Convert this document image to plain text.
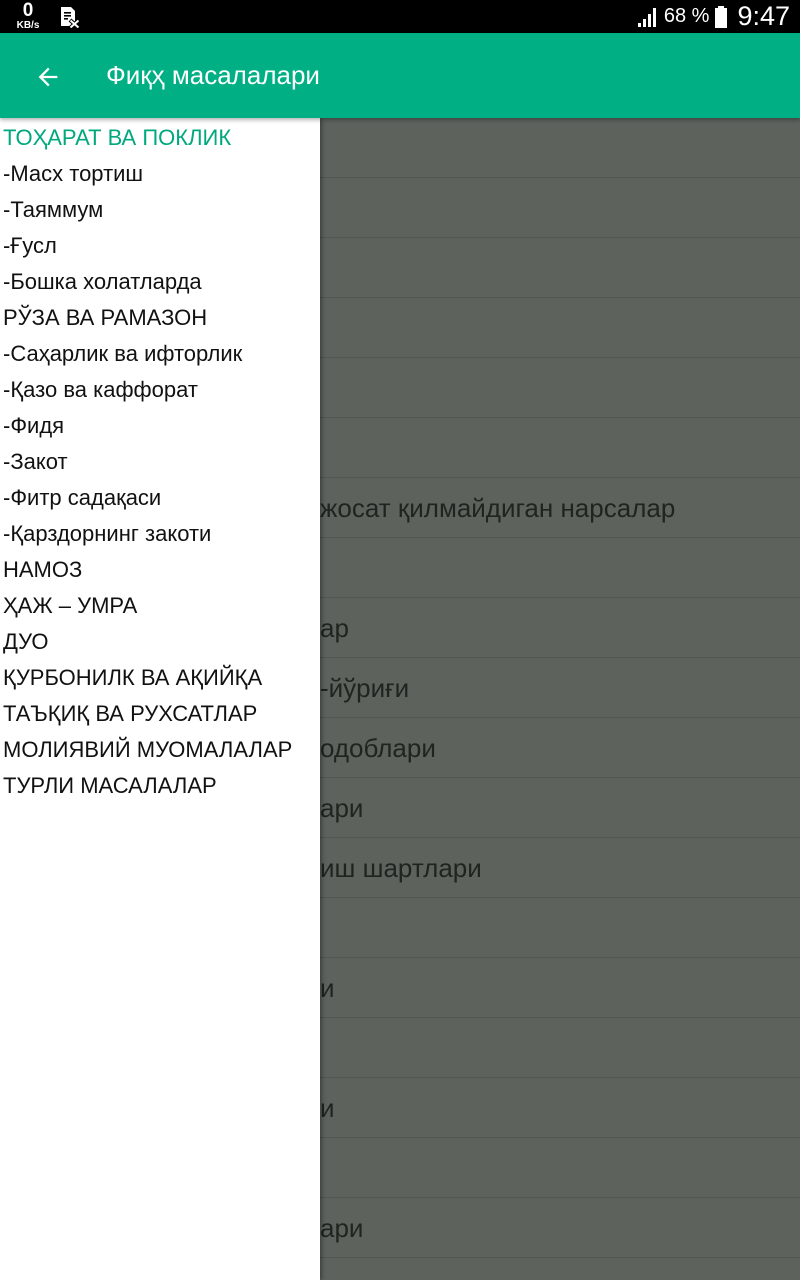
0
KB/s	68 % 9:47
Фиқҳ масалалари
ТОҲАРАТ ВА ПОКЛИК
-Масх тортиш
-Таяммум
-Ғусл
-Бошка холатларда
РЎЗА ВА РАМАЗОН
-Саҳарлик ва ифторлик
-Қазо ва каффорат
-Фидя
-Закот
-Фитр садақаси
-Қарздорнинг закоти
НАМОЗ
ҲАЖ – УМРА
ДУО
ҚУРБОНИЛК ВА АҚИЙҚА
ТАЪҚИҚ ВА РУХСАТЛАР
МОЛИЯВИЙ МУОМАЛАЛАР
ТУРЛИ МАСАЛАЛАР
